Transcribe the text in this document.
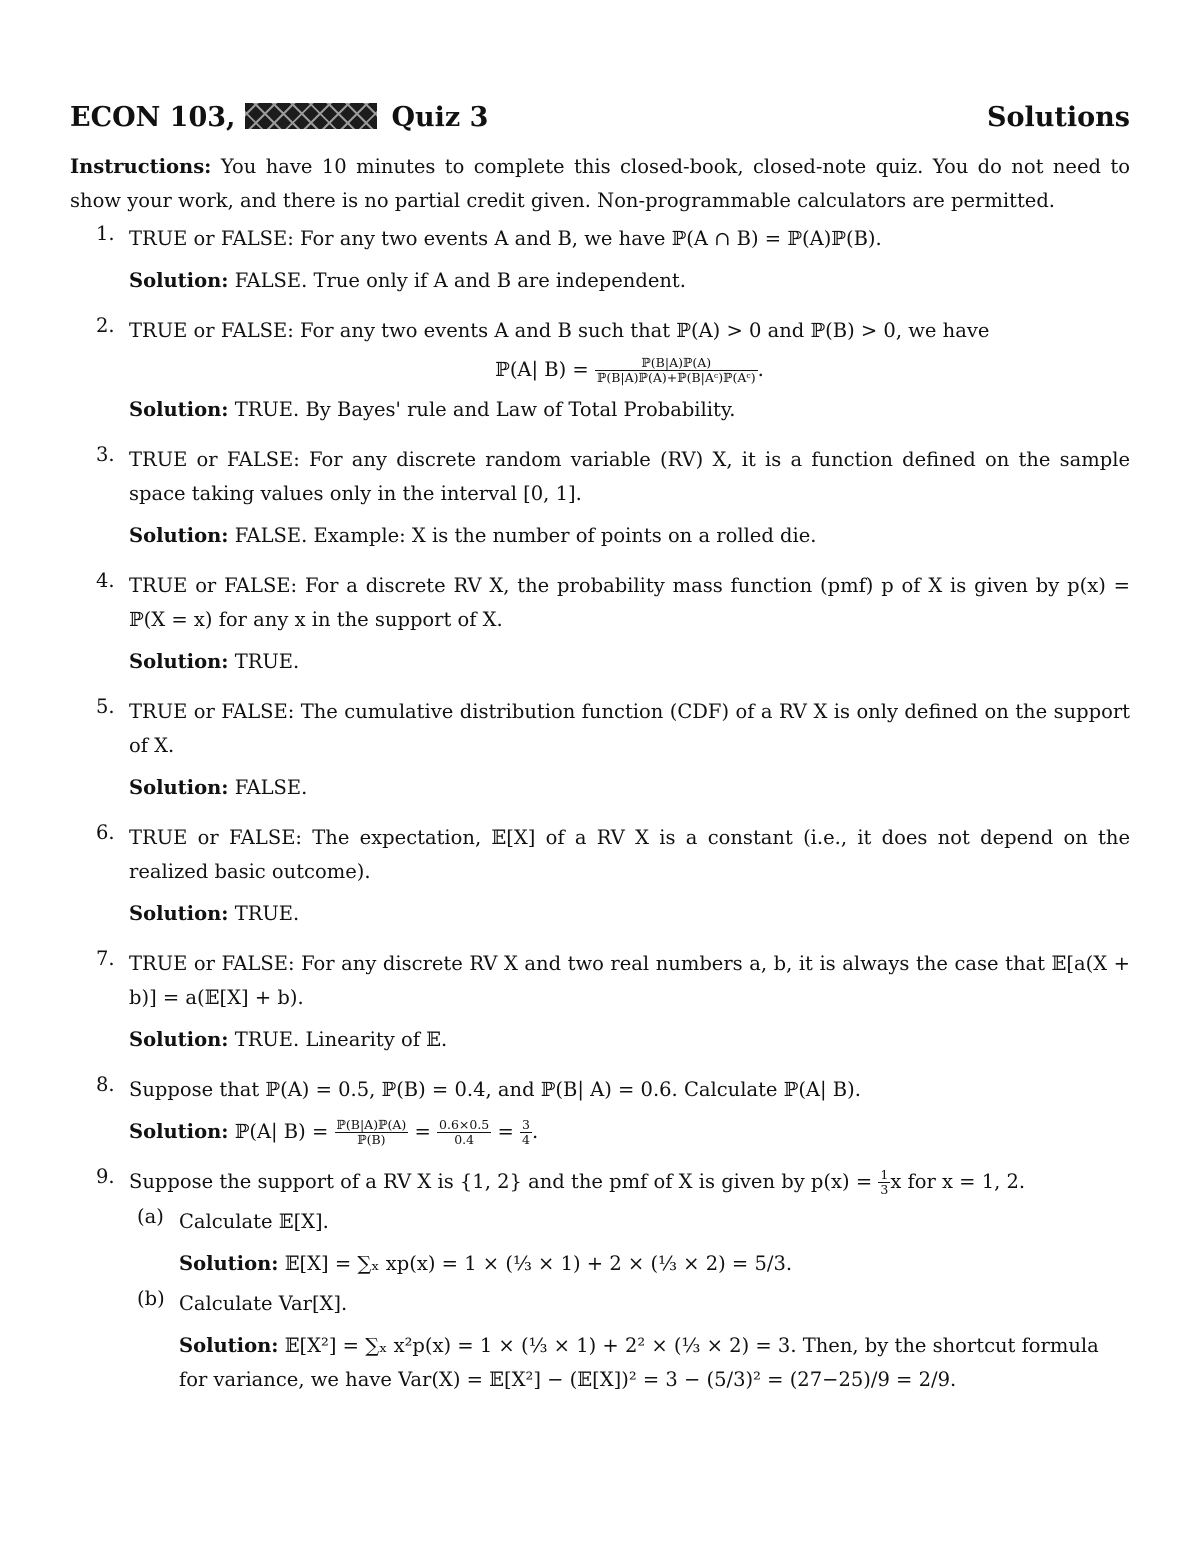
ECON 103,	Quiz 3	Solutions
Instructions: You have 10 minutes to complete this closed-book, closed-note quiz. You do not need to show your work, and there is no partial credit given. Non-programmable calculators are permitted.
1. TRUE or FALSE: For any two events A and B, we have ℙ(A ∩ B) = ℙ(A)ℙ(B).
Solution: FALSE. True only if A and B are independent.
2. TRUE or FALSE: For any two events A and B such that ℙ(A) > 0 and ℙ(B) > 0, we have
ℙ(A| $B) = \frac{\text{ℙ(B|A)ℙ(A)}}{\text{ℙ(B|A)ℙ(A)+ℙ(B|Aᶜ)ℙ(Aᶜ)}}$ .
Solution: TRUE. By Bayes' rule and Law of Total Probability.
3. TRUE or FALSE: For any discrete random variable (RV) X, it is a function defined on the sample space taking values only in the interval [0, 1].
Solution: FALSE. Example: X is the number of points on a rolled die.
4. TRUE or FALSE: For a discrete RV X, the probability mass function (pmf) p of X is given by p(x) = ℙ(X = x) for any x in the support of X.
Solution: TRUE.
5. TRUE or FALSE: The cumulative distribution function (CDF) of a RV X is only defined on the support of X.
Solution: FALSE.
6. TRUE or FALSE: The expectation, 𝔼[X] of a RV X is a constant (i.e., it does not depend on the realized basic outcome).
Solution: TRUE.
7. TRUE or FALSE: For any discrete RV X and two real numbers a, b, it is always the case that 𝔼[a(X + b)] = a(𝔼[X] + b).
Solution: TRUE. Linearity of 𝔼.
8. Suppose that ℙ(A) = 0.5, ℙ(B) = 0.4, and ℙ(B| A) = 0.6. Calculate ℙ(A| B).
Solution: ℙ(A| $B) = \frac{\text{ℙ(B|A)ℙ(A)}}{\text{ℙ(B)}} = \frac{0.6\times 0.5}{0.4} = \frac{3}{4}$ .
9. Suppose the support of a RV X is {1, 2} and the pmf of X is given by $p(x) = \frac{1}{3}$ x for x = 1, 2.
(a) Calculate 𝔼[X].
Solution: 𝔼[X] = ∑ₓ xp(x) = 1 × (⅓ × 1) + 2 × (⅓ × 2) = 5/3.
(b) Calculate Var[X].
Solution: 𝔼[X²] = ∑ₓ x²p(x) = 1 × (⅓ × 1) + 2² × (⅓ × 2) = 3. Then, by the shortcut formula for variance, we have Var(X) = 𝔼[X²] − (𝔼[X])² = 3 − (5/3)² = (27−25)/9 = 2/9.
